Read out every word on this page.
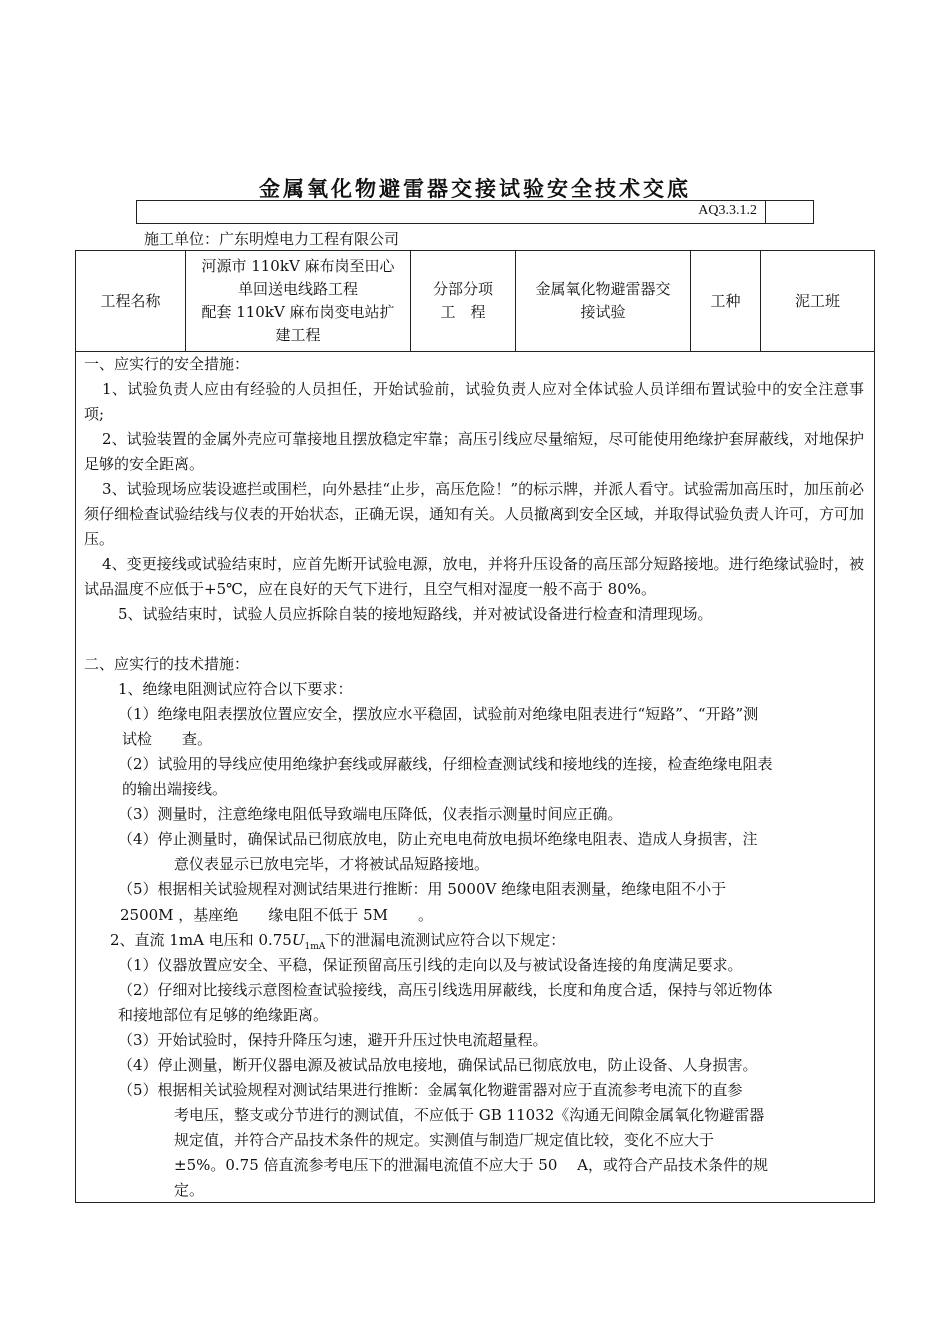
金属氧化物避雷器交接试验安全技术交底
AQ3.3.1.2
施工单位：广东明煌电力工程有限公司
工程名称
河源市 110kV 麻布岗至田心
单回送电线路工程
配套 110kV 麻布岗变电站扩
建工程
分部分项
工　程
金属氧化物避雷器交
接试验
工种	泥工班
一、应实行的安全措施：
1、试验负责人应由有经验的人员担任，开始试验前，试验负责人应对全体试验人员详细布置试验中的安全注意事项;
2、试验装置的金属外壳应可靠接地且摆放稳定牢靠；高压引线应尽量缩短，尽可能使用绝缘护套屏蔽线，对地保护足够的安全距离。
3、试验现场应装设遮拦或围栏，向外悬挂“止步，高压危险！”的标示牌，并派人看守。试验需加高压时，加压前必须仔细检查试验结线与仪表的开始状态，正确无误，通知有关。人员撤离到安全区域，并取得试验负责人许可，方可加压。
4、变更接线或试验结束时，应首先断开试验电源，放电，并将升压设备的高压部分短路接地。进行绝缘试验时，被试品温度不应低于+5℃，应在良好的天气下进行，且空气相对湿度一般不高于 80%。
5、试验结束时，试验人员应拆除自装的接地短路线，并对被试设备进行检查和清理现场。
二、应实行的技术措施：
1、绝缘电阻测试应符合以下要求：
（1）绝缘电阻表摆放位置应安全，摆放应水平稳固，试验前对绝缘电阻表进行“短路”、“开路”测
试检　　查。
（2）试验用的导线应使用绝缘护套线或屏蔽线，仔细检查测试线和接地线的连接，检查绝缘电阻表
的输出端接线。
（3）测量时，注意绝缘电阻低导致端电压降低，仪表指示测量时间应正确。
（4）停止测量时，确保试品已彻底放电，防止充电电荷放电损坏绝缘电阻表、造成人身损害，注
意仪表显示已放电完毕，才将被试品短路接地。
（5）根据相关试验规程对测试结果进行推断：用 5000V 绝缘电阻表测量，绝缘电阻不小于
2500M ，基座绝　　缘电阻不低于 5M　　。
2、直流 1mA 电压和 $0.75U_{1mA}$下的泄漏电流测试应符合以下规定：
（1）仪器放置应安全、平稳，保证预留高压引线的走向以及与被试设备连接的角度满足要求。
（2）仔细对比接线示意图检查试验接线，高压引线选用屏蔽线，长度和角度合适，保持与邻近物体
和接地部位有足够的绝缘距离。
（3）开始试验时，保持升降压匀速，避开升压过快电流超量程。
（4）停止测量，断开仪器电源及被试品放电接地，确保试品已彻底放电，防止设备、人身损害。
（5）根据相关试验规程对测试结果进行推断：金属氧化物避雷器对应于直流参考电流下的直参
考电压，整支或分节进行的测试值，不应低于 GB 11032《沟通无间隙金属氧化物避雷器
规定值，并符合产品技术条件的规定。实测值与制造厂规定值比较，变化不应大于
±5%。0.75 倍直流参考电压下的泄漏电流值不应大于 50　 A，或符合产品技术条件的规
定。
